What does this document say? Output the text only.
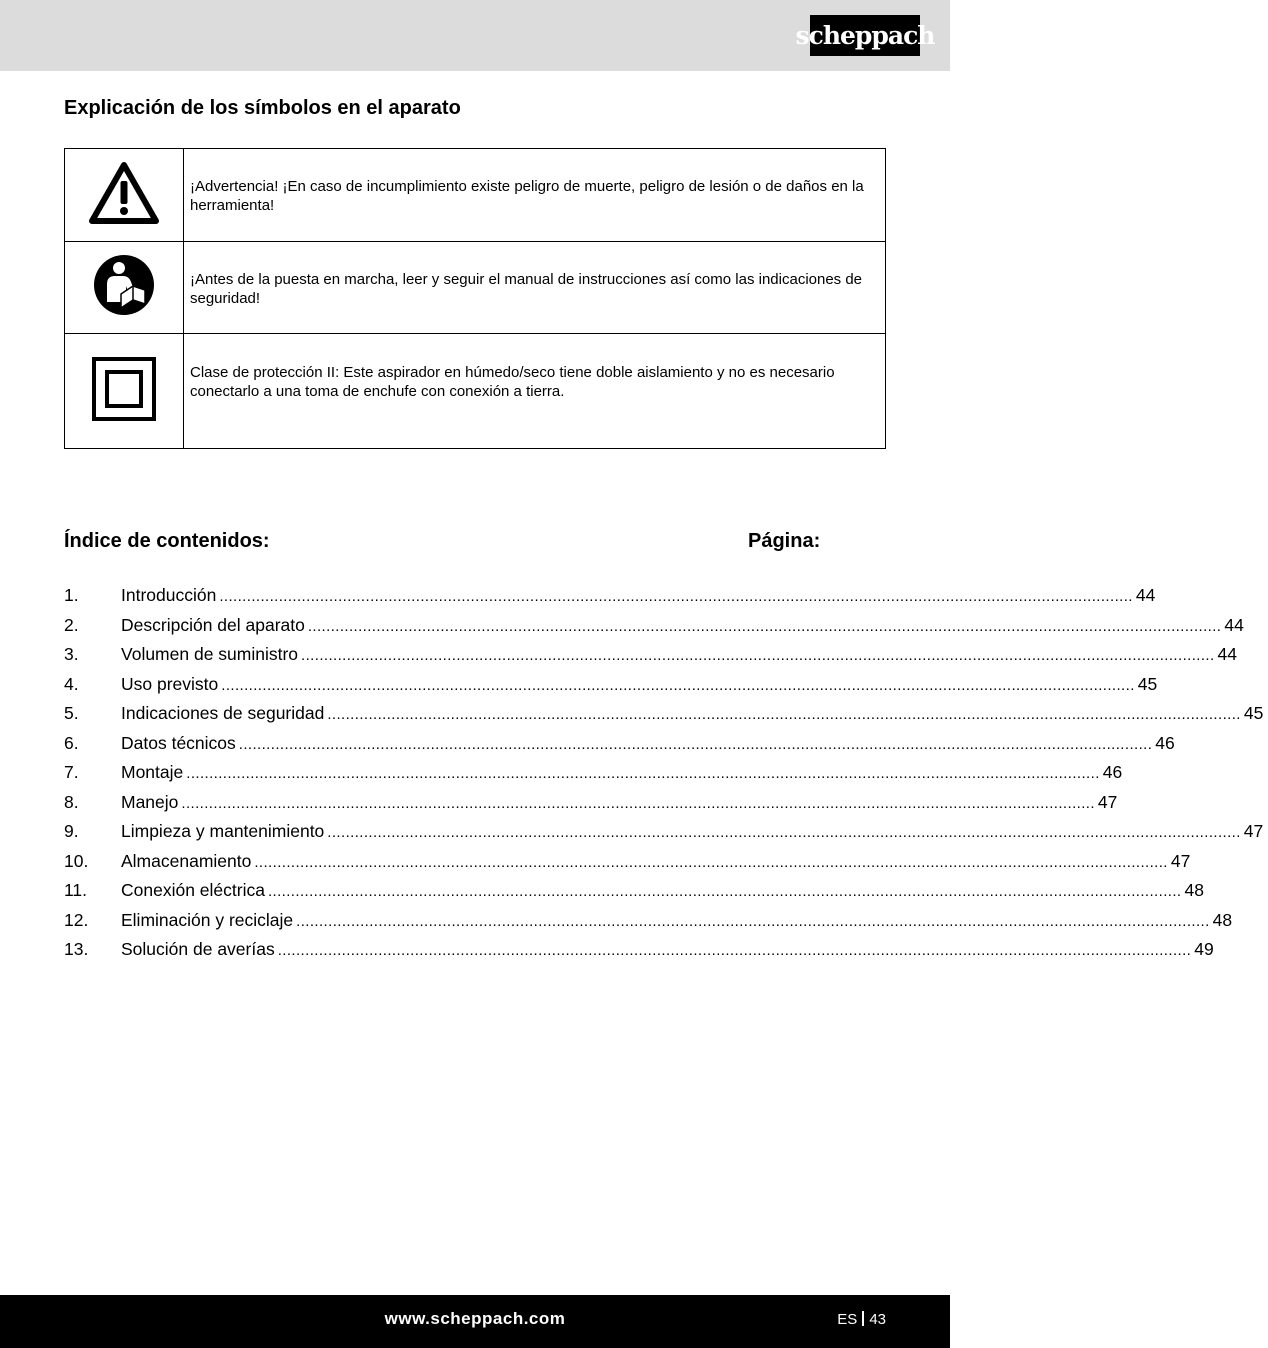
scheppach
Explicación de los símbolos en el aparato
	¡Advertencia! ¡En caso de incumplimiento existe peligro de muerte, peligro de lesión o de daños en la herramienta!
	¡Antes de la puesta en marcha, leer y seguir el manual de instrucciones así como las indicaciones de seguridad!
	Clase de protección II: Este aspirador en húmedo/seco tiene doble aislamiento y no es necesario conectarlo a una toma de enchufe con conexión a tierra.
Índice de contenidos:	Página:
1.	Introducción ........................................................................................................................................................................................................ 44
2.	Descripción del aparato ........................................................................................................................................................................................................ 44
3.	Volumen de suministro ........................................................................................................................................................................................................ 44
4.	Uso previsto ........................................................................................................................................................................................................ 45
5.	Indicaciones de seguridad ........................................................................................................................................................................................................ 45
6.	Datos técnicos ........................................................................................................................................................................................................ 46
7.	Montaje ........................................................................................................................................................................................................ 46
8.	Manejo ........................................................................................................................................................................................................ 47
9.	Limpieza y mantenimiento ........................................................................................................................................................................................................ 47
10.	Almacenamiento ........................................................................................................................................................................................................ 47
11.	Conexión eléctrica ........................................................................................................................................................................................................ 48
12.	Eliminación y reciclaje ........................................................................................................................................................................................................ 48
13.	Solución de averías ........................................................................................................................................................................................................ 49
www.scheppach.com	ES 43
